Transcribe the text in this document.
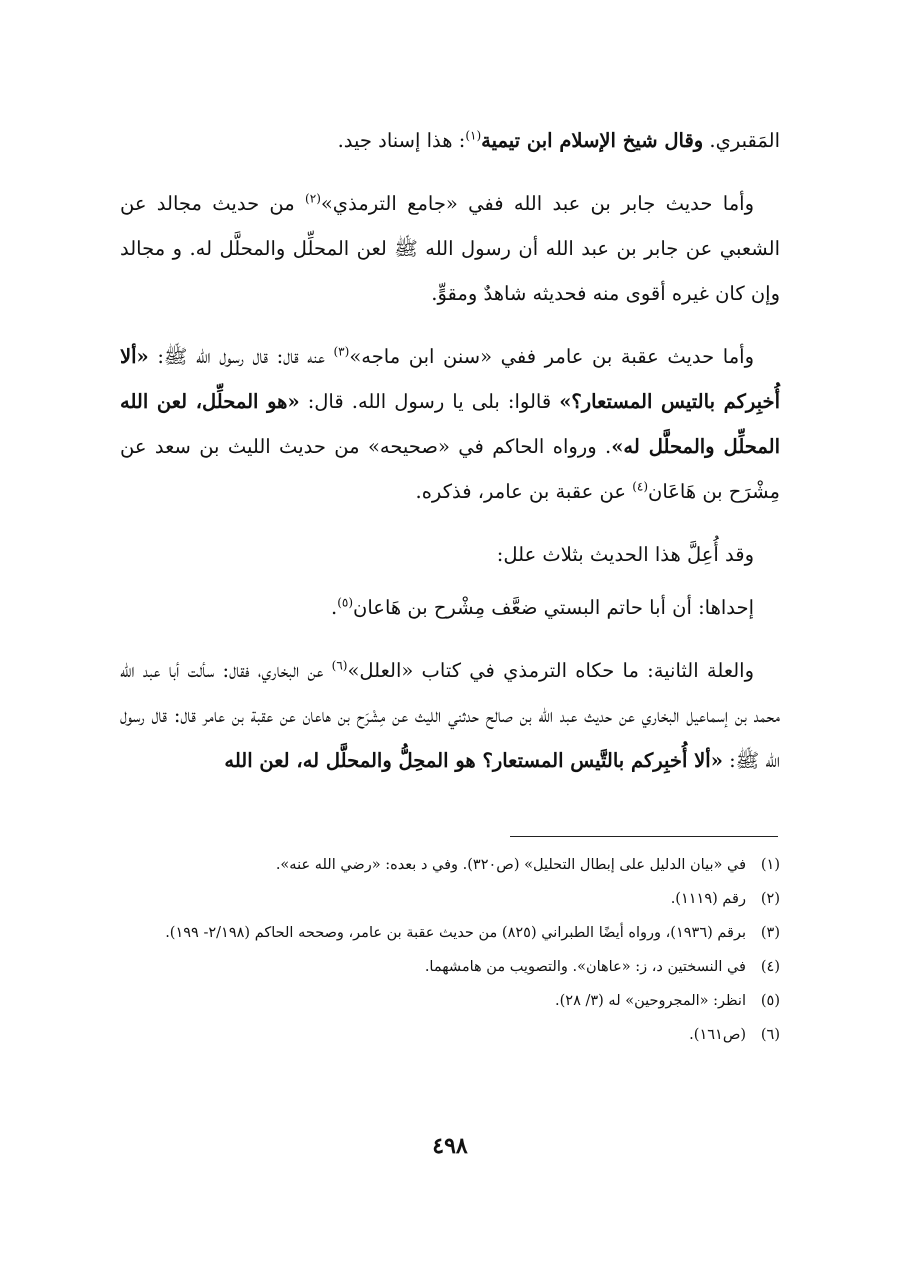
المَقبري. وقال شيخ الإسلام ابن تيمية$^{(١)}$: هذا إسناد جيد.

وأما حديث جابر بن عبد الله ففي «جامع الترمذي»$^{(٢)}$ من حديث مجالد عن الشعبي عن جابر بن عبد الله أن رسول الله ﷺ لعن المحلِّل والمحلَّل له. و مجالد وإن كان غيره أقوى منه فحديثه شاهدٌ ومقوٍّ.

وأما حديث عقبة بن عامر ففي «سنن ابن ماجه»$^{(٣)}$ عنه قال: قال رسول الله ﷺ: «ألا أُخبِركم بالتيس المستعار؟» قالوا: بلى يا رسول الله. قال: «هو المحلِّل، لعن الله المحلِّل والمحلَّل له». ورواه الحاكم في «صحيحه» من حديث الليث بن سعد عن مِشْرَح بن هَاعَان$^{(٤)}$ عن عقبة بن عامر، فذكره.

وقد أُعِلَّ هذا الحديث بثلاث علل:

إحداها: أن أبا حاتم البستي ضعَّف مِشْرح بن هَاعان$^{(٥)}$.

والعلة الثانية: ما حكاه الترمذي في كتاب «العلل»$^{(٦)}$ عن البخاري، فقال: سألت أبا عبد الله محمد بن إسماعيل البخاري عن حديث عبد الله بن صالح حدثني الليث عن مِشْرَح بن هاعان عن عقبة بن عامر قال: قال رسول الله ﷺ: «ألا أُخبِركم بالتَّيس المستعار؟ هو المحِلُّ والمحلَّل له، لعن الله

(١)
في «بيان الدليل على إبطال التحليل» (ص٣٢٠). وفي د بعده: «رضي الله عنه».
(٢)
رقم (١١١٩).
(٣)
برقم (١٩٣٦)، ورواه أيضًا الطبراني (٨٢٥) من حديث عقبة بن عامر، وصححه الحاكم (٢/١٩٨- ١٩٩).
(٤)
في النسختين د، ز: «عاهان». والتصويب من هامشهما.
(٥)
انظر: «المجروحين» له (٣/ ٢٨).
(٦)
(ص١٦١).
٤٩٨
